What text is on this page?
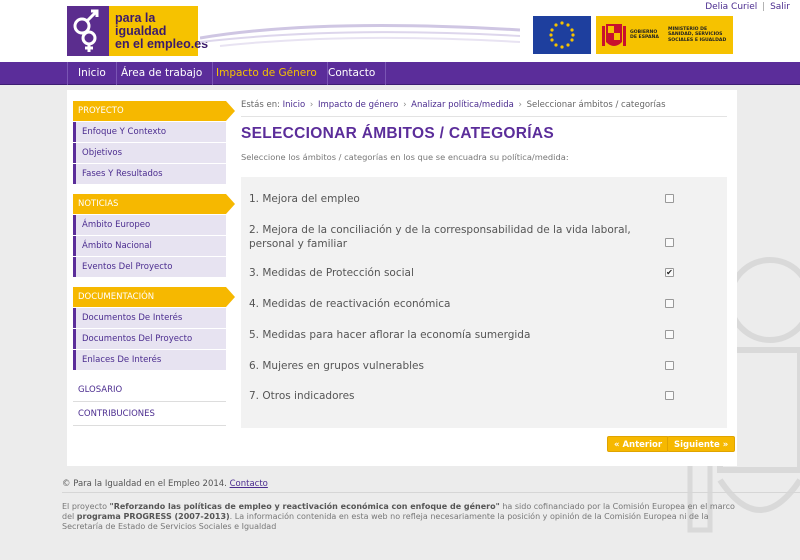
para la
igualdad
en el empleo.es
Delia Curiel | Salir
GOBIERNO DE ESPAÑA
MINISTERIO DE SANIDAD, SERVICIOS SOCIALES E IGUALDAD
Inicio	Área de trabajo	Impacto de Género	Contacto
PROYECTO
Enfoque Y Contexto
Objetivos
Fases Y Resultados
NOTICIAS
Ámbito Europeo
Ámbito Nacional
Eventos Del Proyecto
DOCUMENTACIÓN
Documentos De Interés
Documentos Del Proyecto
Enlaces De Interés
GLOSARIO
CONTRIBUCIONES
Estás en: Inicio › Impacto de género › Analizar política/medida › Seleccionar ámbitos / categorías
SELECCIONAR ÁMBITOS / CATEGORÍAS
Seleccione los ámbitos / categorías en los que se encuadra su política/medida:
1. Mejora del empleo
2. Mejora de la conciliación y de la corresponsabilidad de la vida laboral, personal y familiar
3. Medidas de Protección social	✔
4. Medidas de reactivación económica
5. Medidas para hacer aflorar la economía sumergida
6. Mujeres en grupos vulnerables
7. Otros indicadores
« Anterior	Siguiente »
© Para la Igualdad en el Empleo 2014. Contacto
El proyecto "Reforzando las políticas de empleo y reactivación económica con enfoque de género" ha sido cofinanciado por la Comisión Europea en el marco del programa PROGRESS (2007-2013). La información contenida en esta web no refleja necesariamente la posición y opinión de la Comisión Europea ni de la Secretaría de Estado de Servicios Sociales e Igualdad
